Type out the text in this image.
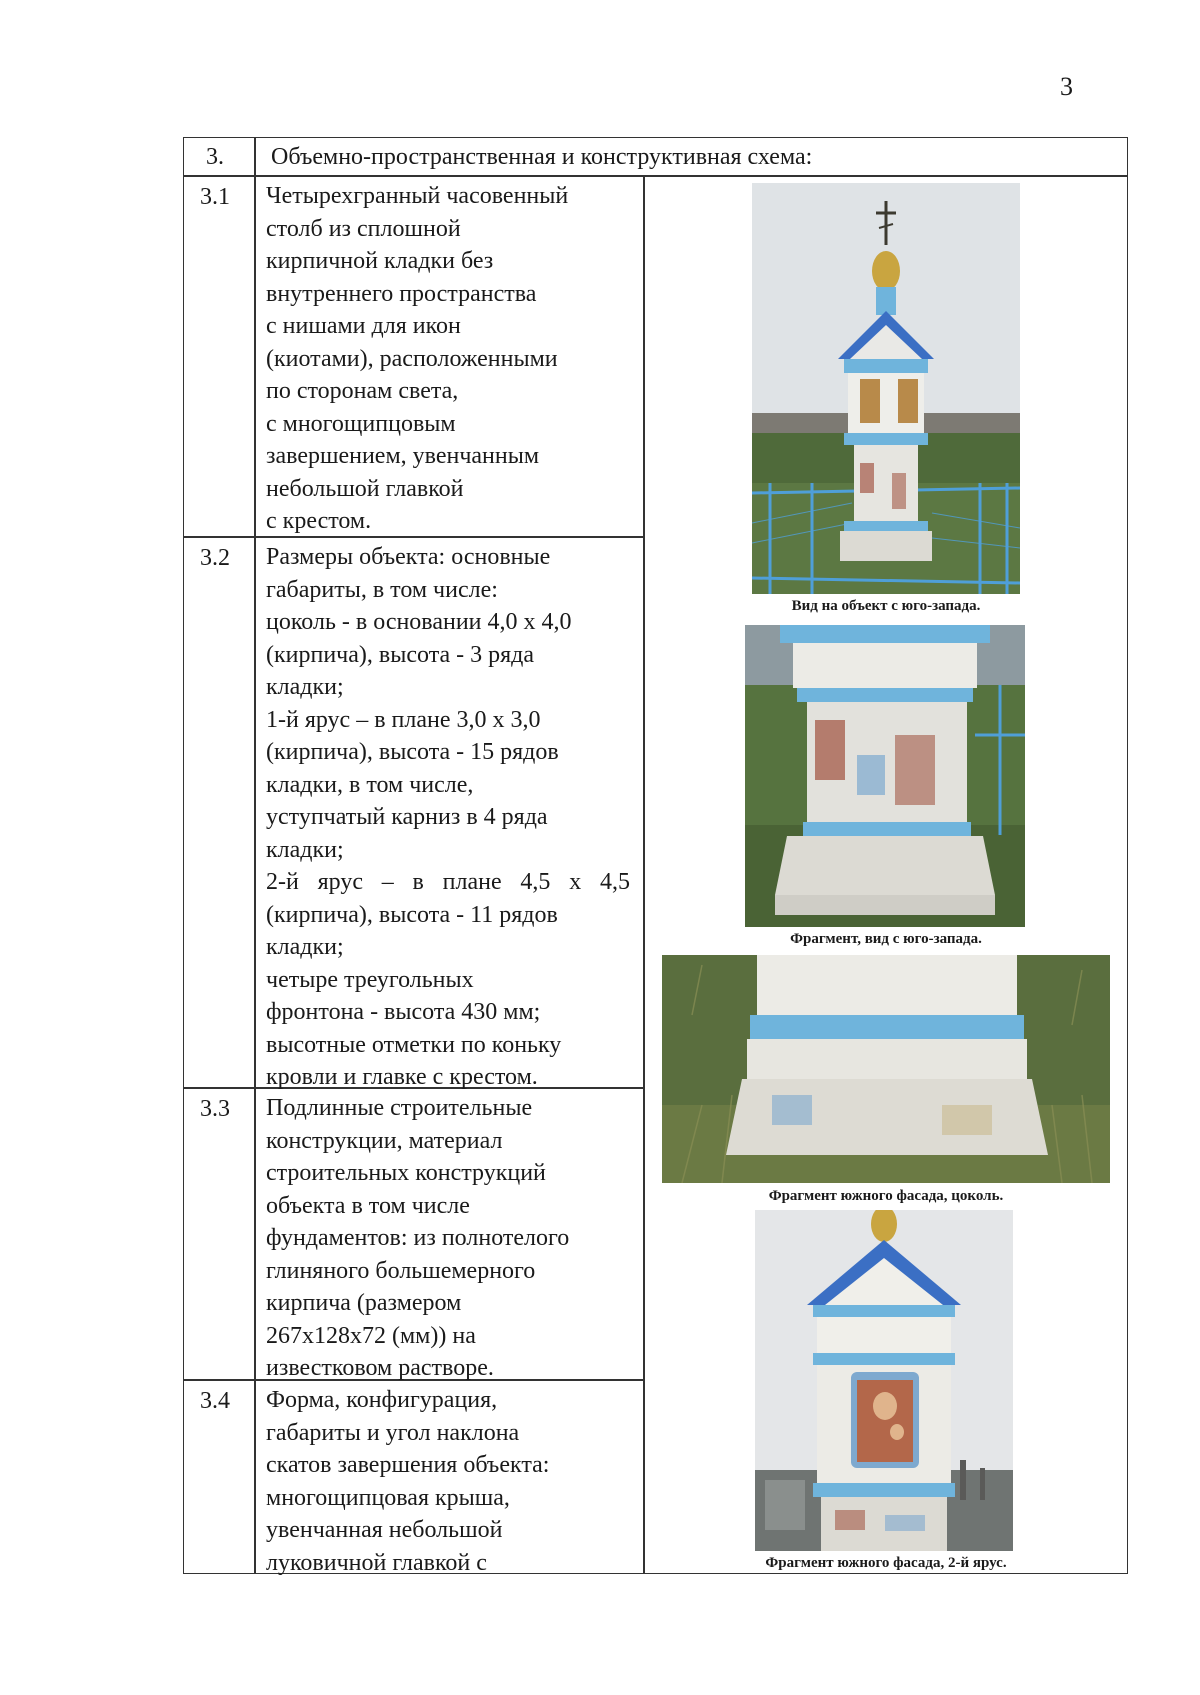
3
3. Объемно-пространственная и конструктивная схема:
3.1 Четырехгранный часовенный
столб из сплошной
кирпичной кладки без
внутреннего пространства
с нишами для икон
(киотами), расположенными
по сторонам света,
с многощипцовым
завершением, увенчанным
небольшой главкой
с крестом.
3.2 Размеры объекта: основные
габариты, в том числе:
цоколь - в основании 4,0 х 4,0
(кирпича), высота - 3 ряда
кладки;
1-й ярус – в плане 3,0 х 3,0
(кирпича), высота - 15 рядов
кладки, в том числе,
уступчатый карниз в 4 ряда
кладки;
2-й ярус – в плане 4,5 х 4,5 (кирпича), высота - 11 рядов
кладки;
четыре треугольных
фронтона - высота 430 мм;
высотные отметки по коньку
кровли и главке с крестом.
3.3 Подлинные строительные
конструкции, материал
строительных конструкций
объекта в том числе
фундаментов: из полнотелого
глиняного большемерного
кирпича (размером
267х128х72 (мм)) на
известковом растворе.
3.4 Форма, конфигурация,
габариты и угол наклона
скатов завершения объекта:
многощипцовая крыша,
увенчанная небольшой
луковичной главкой с
Вид на объект с юго-запада.
Фрагмент, вид с юго-запада.
Фрагмент южного фасада, цоколь.
Фрагмент южного фасада, 2-й ярус.
